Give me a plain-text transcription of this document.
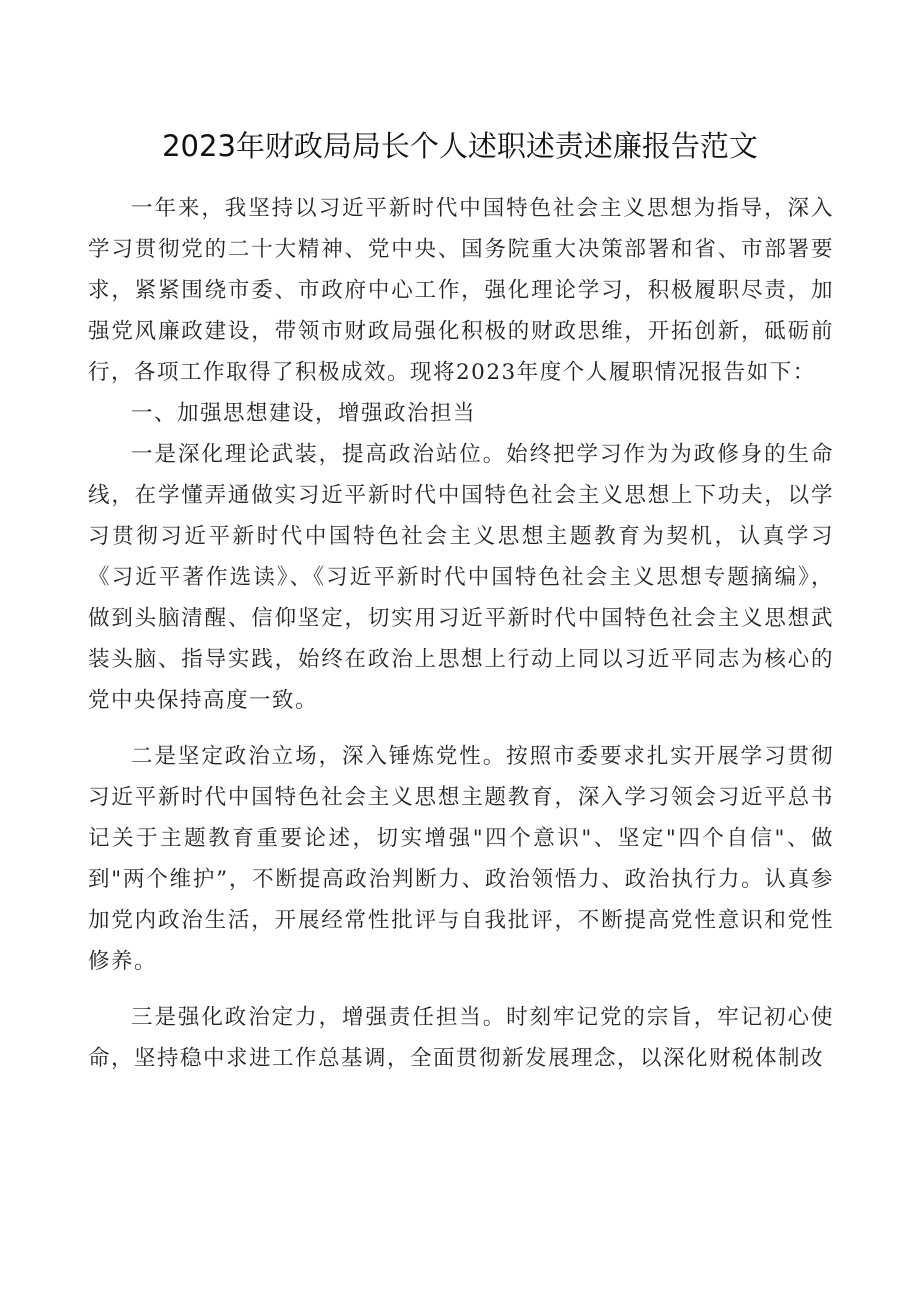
2023年财政局局长个人述职述责述廉报告范文

一年来，我坚持以习近平新时代中国特色社会主义思想为指导，深入学习贯彻党的二十大精神、党中央、国务院重大决策部署和省、市部署要求，紧紧围绕市委、市政府中心工作，强化理论学习，积极履职尽责，加强党风廉政建设，带领市财政局强化积极的财政思维，开拓创新，砥砺前行，各项工作取得了积极成效。现将2023年度个人履职情况报告如下：

一、加强思想建设，增强政治担当

一是深化理论武装，提高政治站位。始终把学习作为为政修身的生命线，在学懂弄通做实习近平新时代中国特色社会主义思想上下功夫，以学习贯彻习近平新时代中国特色社会主义思想主题教育为契机，认真学习《习近平著作选读》、《习近平新时代中国特色社会主义思想专题摘编》，做到头脑清醒、信仰坚定，切实用习近平新时代中国特色社会主义思想武装头脑、指导实践，始终在政治上思想上行动上同以习近平同志为核心的党中央保持高度一致。

二是坚定政治立场，深入锤炼党性。按照市委要求扎实开展学习贯彻习近平新时代中国特色社会主义思想主题教育，深入学习领会习近平总书记关于主题教育重要论述，切实增强"四个意识"、坚定"四个自信"、做到"两个维护”，不断提高政治判断力、政治领悟力、政治执行力。认真参加党内政治生活，开展经常性批评与自我批评，不断提高党性意识和党性修养。

三是强化政治定力，增强责任担当。时刻牢记党的宗旨，牢记初心使命，坚持稳中求进工作总基调，全面贯彻新发展理念，以深化财税体制改
